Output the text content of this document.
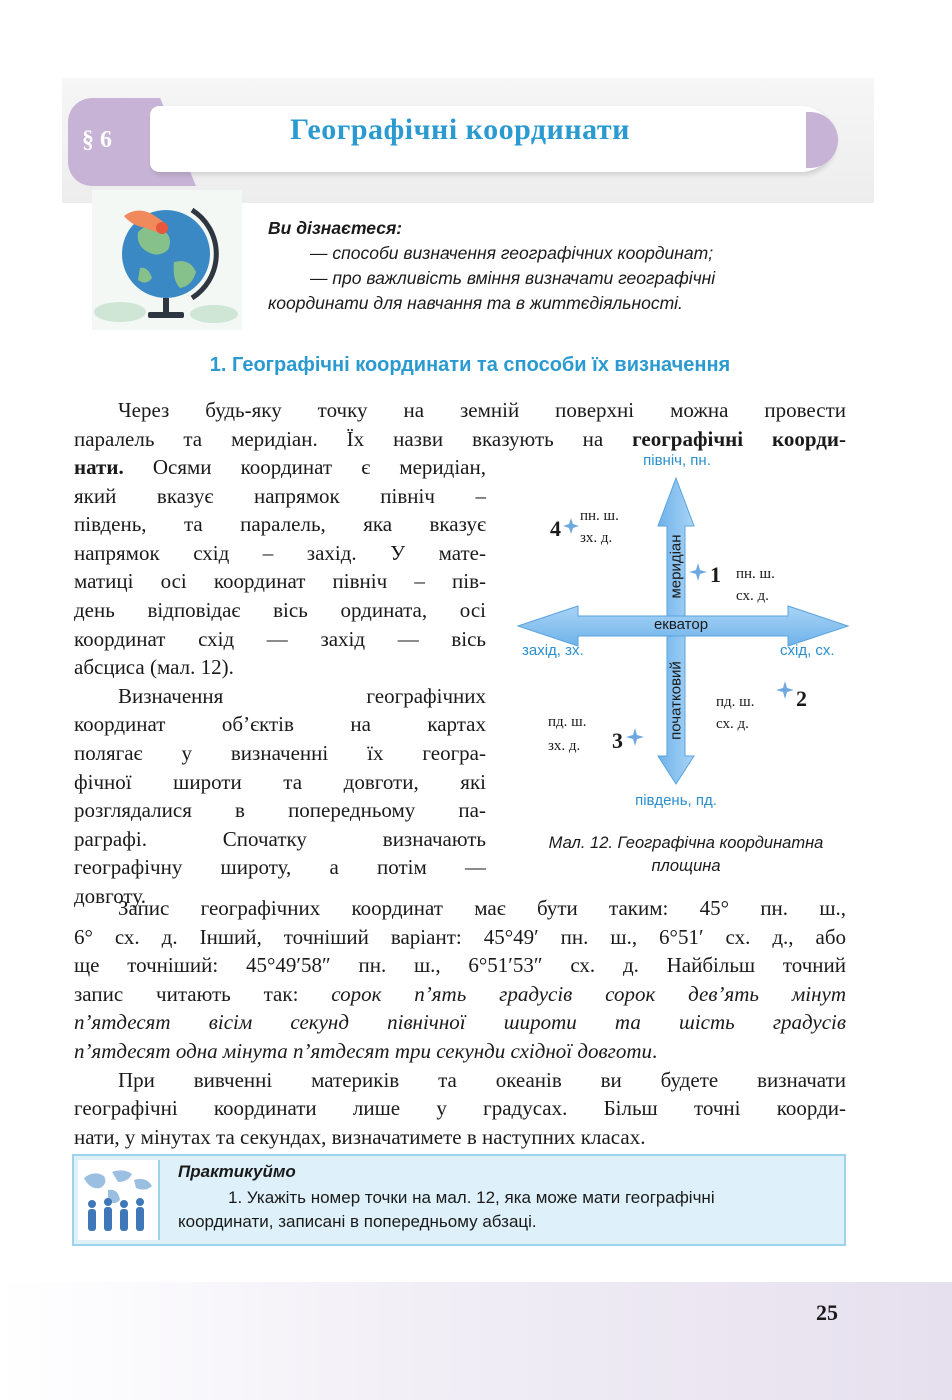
§ 6	Географічні координати
Ви дізнаєтеся:
— способи визначення географічних координат;
— про важливість вміння визначати географічні
координати для навчання та в життєдіяльності.
1. Географічні координати та способи їх визначення
Через будь-яку точку на земній поверхні можна провести
паралель та меридіан. Їх назви вказують на географічні коорди-
нати. Осями координат є меридіан,
який вказує напрямок північ –
південь, та паралель, яка вказує
напрямок схід – захід. У мате-
матиці осі координат північ – пів-
день відповідає вісь ордината, осі
координат схід — захід — вісь
абсциса (мал. 12).
Визначення географічних
координат об’єктів на картах
полягає у визначенні їх геогра-
фічної широти та довготи, які
розглядалися в попередньому па-
раграфі. Спочатку визначають
географічну широту, а потім —
довготу.
північ, пн.
південь, пд.
захід, зх.	схід, сх.
екватор
меридіан
початковий
4 пн. ш.
зх. д.
1 пн. ш.
сх. д.
2
пд. ш.
сх. д.
3
пд. ш.
зх. д.
Мал. 12. Географічна координатна
площина
Запис географічних координат має бути таким: 45° пн. ш.,
6° сх. д. Інший, точніший варіант: 45°49′ пн. ш., 6°51′ сх. д., або
ще точніший: 45°49′58″ пн. ш., 6°51′53″ сх. д. Найбільш точний
запис читають так: сорок п’ять градусів сорок дев’ять мінут
п’ятдесят вісім секунд північної широти та шість градусів
п’ятдесят одна мінута п’ятдесят три секунди східної довготи.
При вивченні материків та океанів ви будете визначати
географічні координати лише у градусах. Більш точні коорди-
нати, у мінутах та секундах, визначатимете в наступних класах.
Практикуймо
1. Укажіть номер точки на мал. 12, яка може мати географічні
координати, записані в попередньому абзаці.
25
